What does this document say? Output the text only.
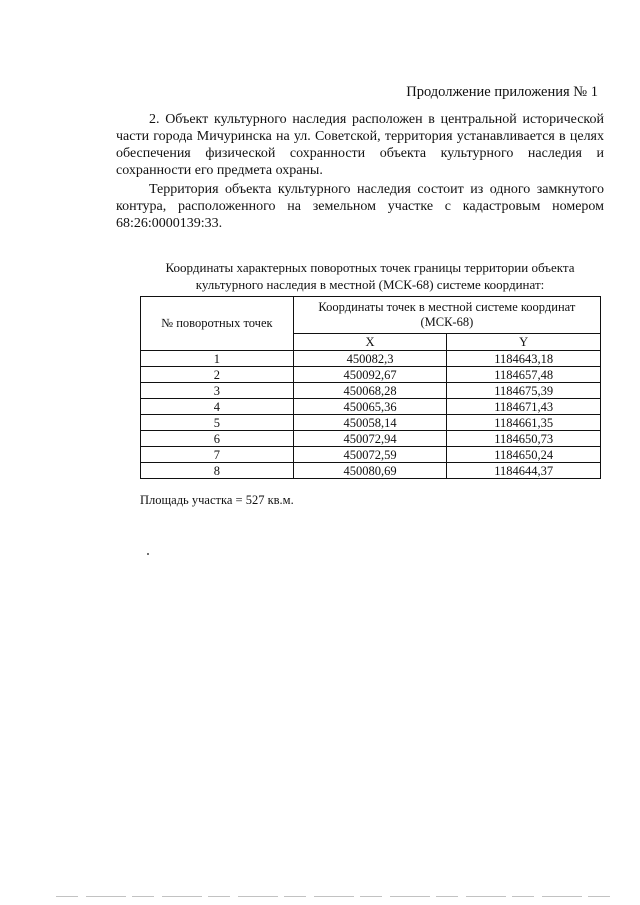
Продолжение приложения № 1
2. Объект культурного наследия расположен в центральной исторической части города Мичуринска на ул. Советской, территория устанавливается в целях обеспечения физической сохранности объекта культурного наследия и сохранности его предмета охраны.
Территория объекта культурного наследия состоит из одного замкнутого контура, расположенного на земельном участке с кадастровым номером 68:26:0000139:33.
Координаты характерных поворотных точек границы территории объекта культурного наследия в местной (МСК-68) системе координат:
№ поворотных точек	Координаты точек в местной системе координат (МСК-68)	
	X	Y
1	450082,3	1184643,18
2	450092,67	1184657,48
3	450068,28	1184675,39
4	450065,36	1184671,43
5	450058,14	1184661,35
6	450072,94	1184650,73
7	450072,59	1184650,24
8	450080,69	1184644,37
Площадь участка = 527 кв.м.
